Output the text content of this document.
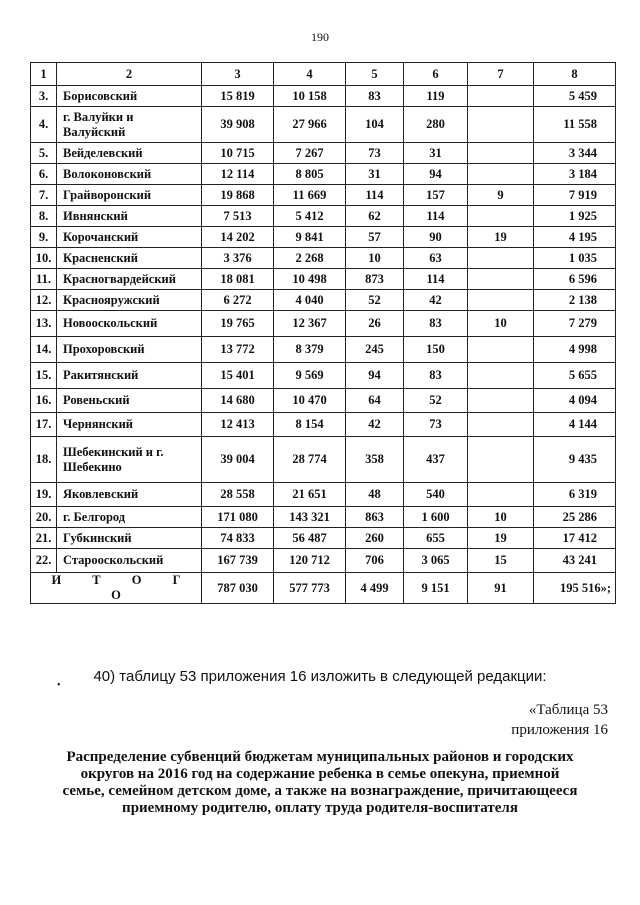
190
1	2	3	4	5	6	7	8
3.	Борисовский	15 819	10 158	83	119		5 459
4.	г. Валуйки и Валуйский	39 908	27 966	104	280		11 558
5.	Вейделевский	10 715	7 267	73	31		3 344
6.	Волоконовский	12 114	8 805	31	94		3 184
7.	Грайворонский	19 868	11 669	114	157	9	7 919
8.	Ивнянский	7 513	5 412	62	114		1 925
9.	Корочанский	14 202	9 841	57	90	19	4 195
10.	Красненский	3 376	2 268	10	63		1 035
11.	Красногвардейский	18 081	10 498	873	114		6 596
12.	Краснояружский	6 272	4 040	52	42		2 138
13.	Новооскольский	19 765	12 367	26	83	10	7 279
14.	Прохоровский	13 772	8 379	245	150		4 998
15.	Ракитянский	15 401	9 569	94	83		5 655
16.	Ровеньский	14 680	10 470	64	52		4 094
17.	Чернянский	12 413	8 154	42	73		4 144
18.	Шебекинский и г. Шебекино	39 004	28 774	358	437		9 435
19.	Яковлевский	28 558	21 651	48	540		6 319
20.	г. Белгород	171 080	143 321	863	1 600	10	25 286
21.	Губкинский	74 833	56 487	260	655	19	17 412
22.	Старооскольский	167 739	120 712	706	3 065	15	43 241
И Т О Г О		787 030	577 773	4 499	9 151	91	195 516»;
40) таблицу 53 приложения 16 изложить в следующей редакции:
•
«Таблица 53
приложения 16
Распределение субвенций бюджетам муниципальных районов и городских округов на 2016 год на содержание ребенка в семье опекуна, приемной семье, семейном детском доме, а также на вознаграждение, причитающееся приемному родителю, оплату труда родителя-воспитателя
